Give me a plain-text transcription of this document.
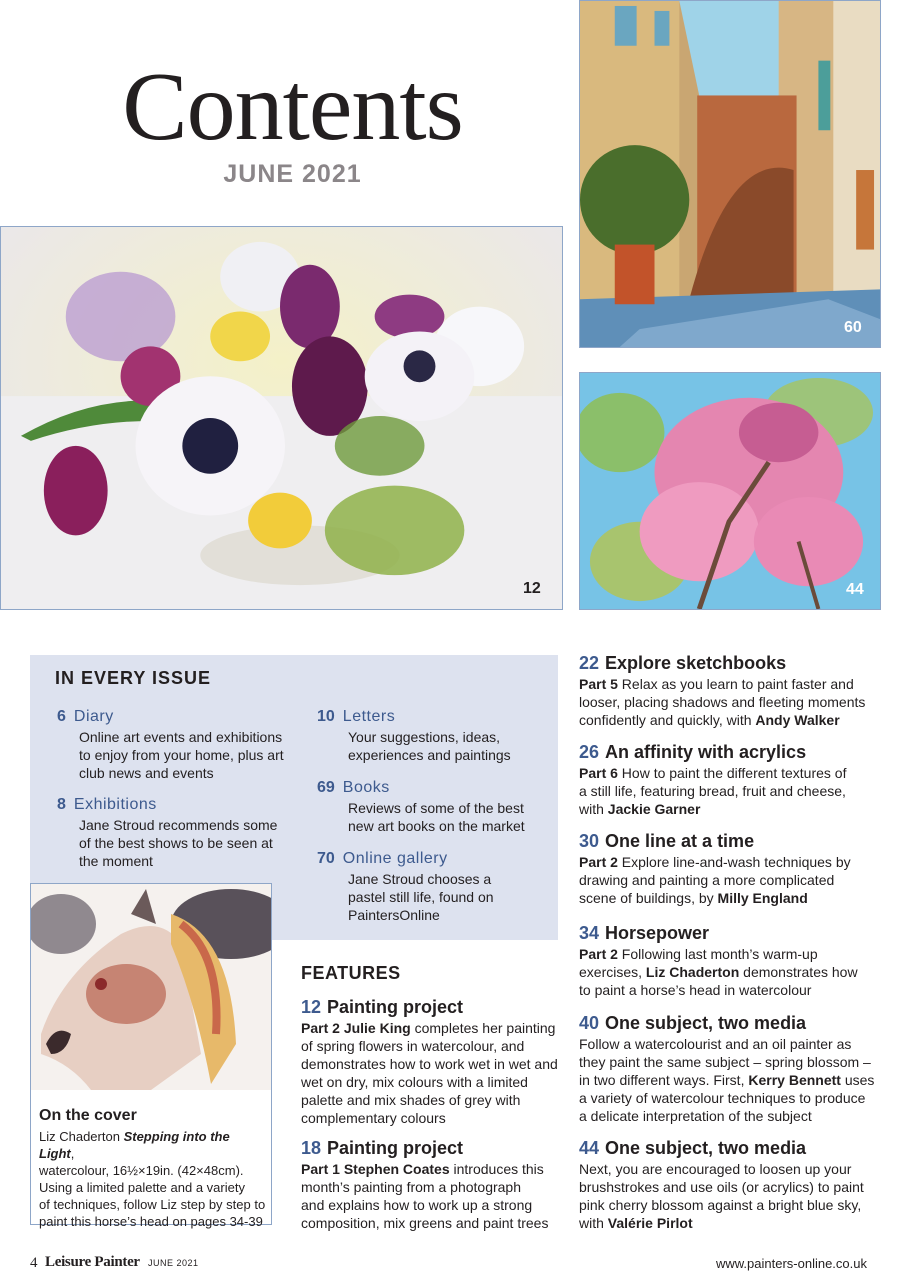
Contents
JUNE 2021
12
60
44
IN EVERY ISSUE
6 Diary
Online art events and exhibitions
to enjoy from your home, plus art
club news and events
8 Exhibitions
Jane Stroud recommends some
of the best shows to be seen at
the moment
10 Letters
Your suggestions, ideas,
experiences and paintings
69 Books
Reviews of some of the best
new art books on the market
70 Online gallery
Jane Stroud chooses a
pastel still life, found on
PaintersOnline
On the cover
Liz Chaderton Stepping into the Light,
watercolour, 16½×19in. (42×48cm).
Using a limited palette and a variety
of techniques, follow Liz step by step to
paint this horse’s head on pages 34-39
FEATURES
12 Painting project
Part 2 Julie King completes her painting
of spring flowers in watercolour, and
demonstrates how to work wet in wet and
wet on dry, mix colours with a limited
palette and mix shades of grey with
complementary colours
18 Painting project
Part 1 Stephen Coates introduces this
month’s painting from a photograph
and explains how to work up a strong
composition, mix greens and paint trees
22 Explore sketchbooks
Part 5 Relax as you learn to paint faster and
looser, placing shadows and fleeting moments
confidently and quickly, with Andy Walker
26 An affinity with acrylics
Part 6 How to paint the different textures of
a still life, featuring bread, fruit and cheese,
with Jackie Garner
30 One line at a time
Part 2 Explore line-and-wash techniques by
drawing and painting a more complicated
scene of buildings, by Milly England
34 Horsepower
Part 2 Following last month’s warm-up
exercises, Liz Chaderton demonstrates how
to paint a horse’s head in watercolour
40 One subject, two media
Follow a watercolourist and an oil painter as
they paint the same subject – spring blossom –
in two different ways. First, Kerry Bennett uses
a variety of watercolour techniques to produce
a delicate interpretation of the subject
44 One subject, two media
Next, you are encouraged to loosen up your
brushstrokes and use oils (or acrylics) to paint
pink cherry blossom against a bright blue sky,
with Valérie Pirlot
4 Leisure Painter JUNE 2021	www.painters-online.co.uk
